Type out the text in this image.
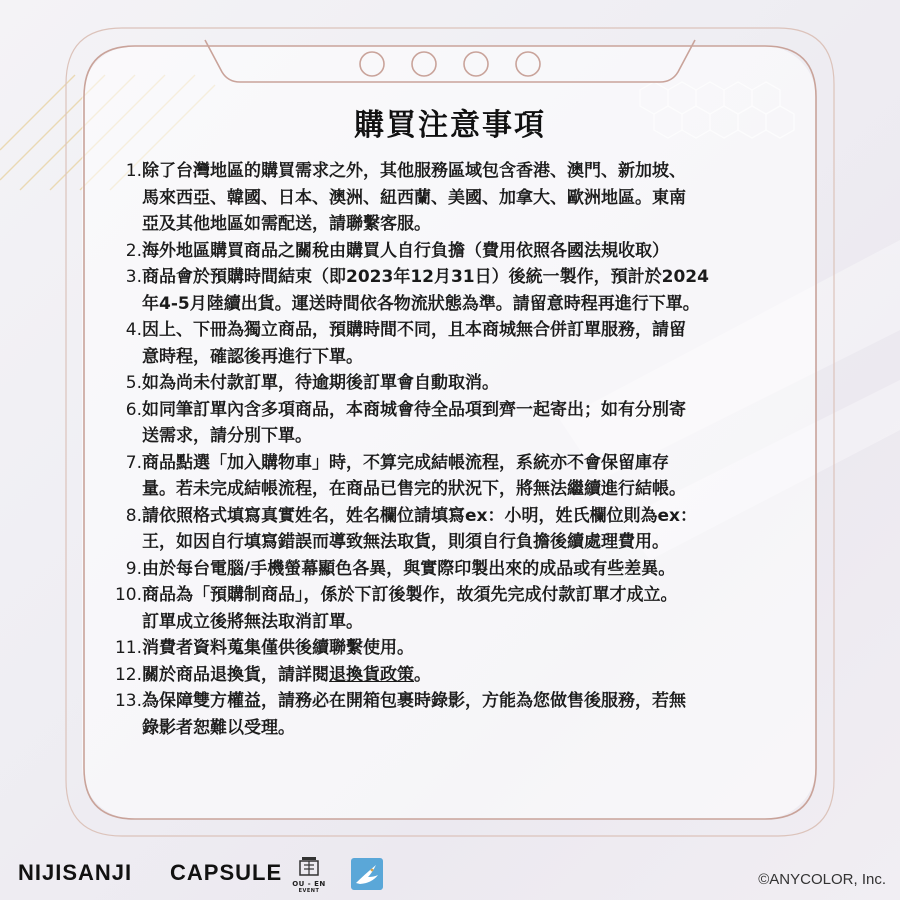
購買注意事項
1. 除了台灣地區的購買需求之外，其他服務區域包含香港、澳門、新加坡、
馬來西亞、韓國、日本、澳洲、紐西蘭、美國、加拿大、歐洲地區。東南
亞及其他地區如需配送，請聯繫客服。
2. 海外地區購買商品之關稅由購買人自行負擔（費用依照各國法規收取）
3. 商品會於預購時間結束（即2023年12月31日）後統一製作，預計於2024
年4-5月陸續出貨。運送時間依各物流狀態為準。請留意時程再進行下單。
4. 因上、下冊為獨立商品，預購時間不同，且本商城無合併訂單服務，請留
意時程，確認後再進行下單。
5. 如為尚未付款訂單，待逾期後訂單會自動取消。
6. 如同筆訂單內含多項商品，本商城會待全品項到齊一起寄出；如有分別寄
送需求，請分別下單。
7. 商品點選「加入購物車」時，不算完成結帳流程，系統亦不會保留庫存
量。若未完成結帳流程，在商品已售完的狀況下，將無法繼續進行結帳。
8. 請依照格式填寫真實姓名，姓名欄位請填寫ex：小明，姓氏欄位則為ex：
王，如因自行填寫錯誤而導致無法取貨，則須自行負擔後續處理費用。
9. 由於每台電腦/手機螢幕顯色各異，與實際印製出來的成品或有些差異。
10. 商品為「預購制商品」，係於下訂後製作，故須先完成付款訂單才成立。
訂單成立後將無法取消訂單。
11. 消費者資料蒐集僅供後續聯繫使用。
12. 關於商品退換貨，請詳閱退換貨政策。
13. 為保障雙方權益，請務必在開箱包裹時錄影，方能為您做售後服務，若無
錄影者恕難以受理。
NIJISANJI CAPSULE	OU - EN
EVENT
©ANYCOLOR, Inc.
